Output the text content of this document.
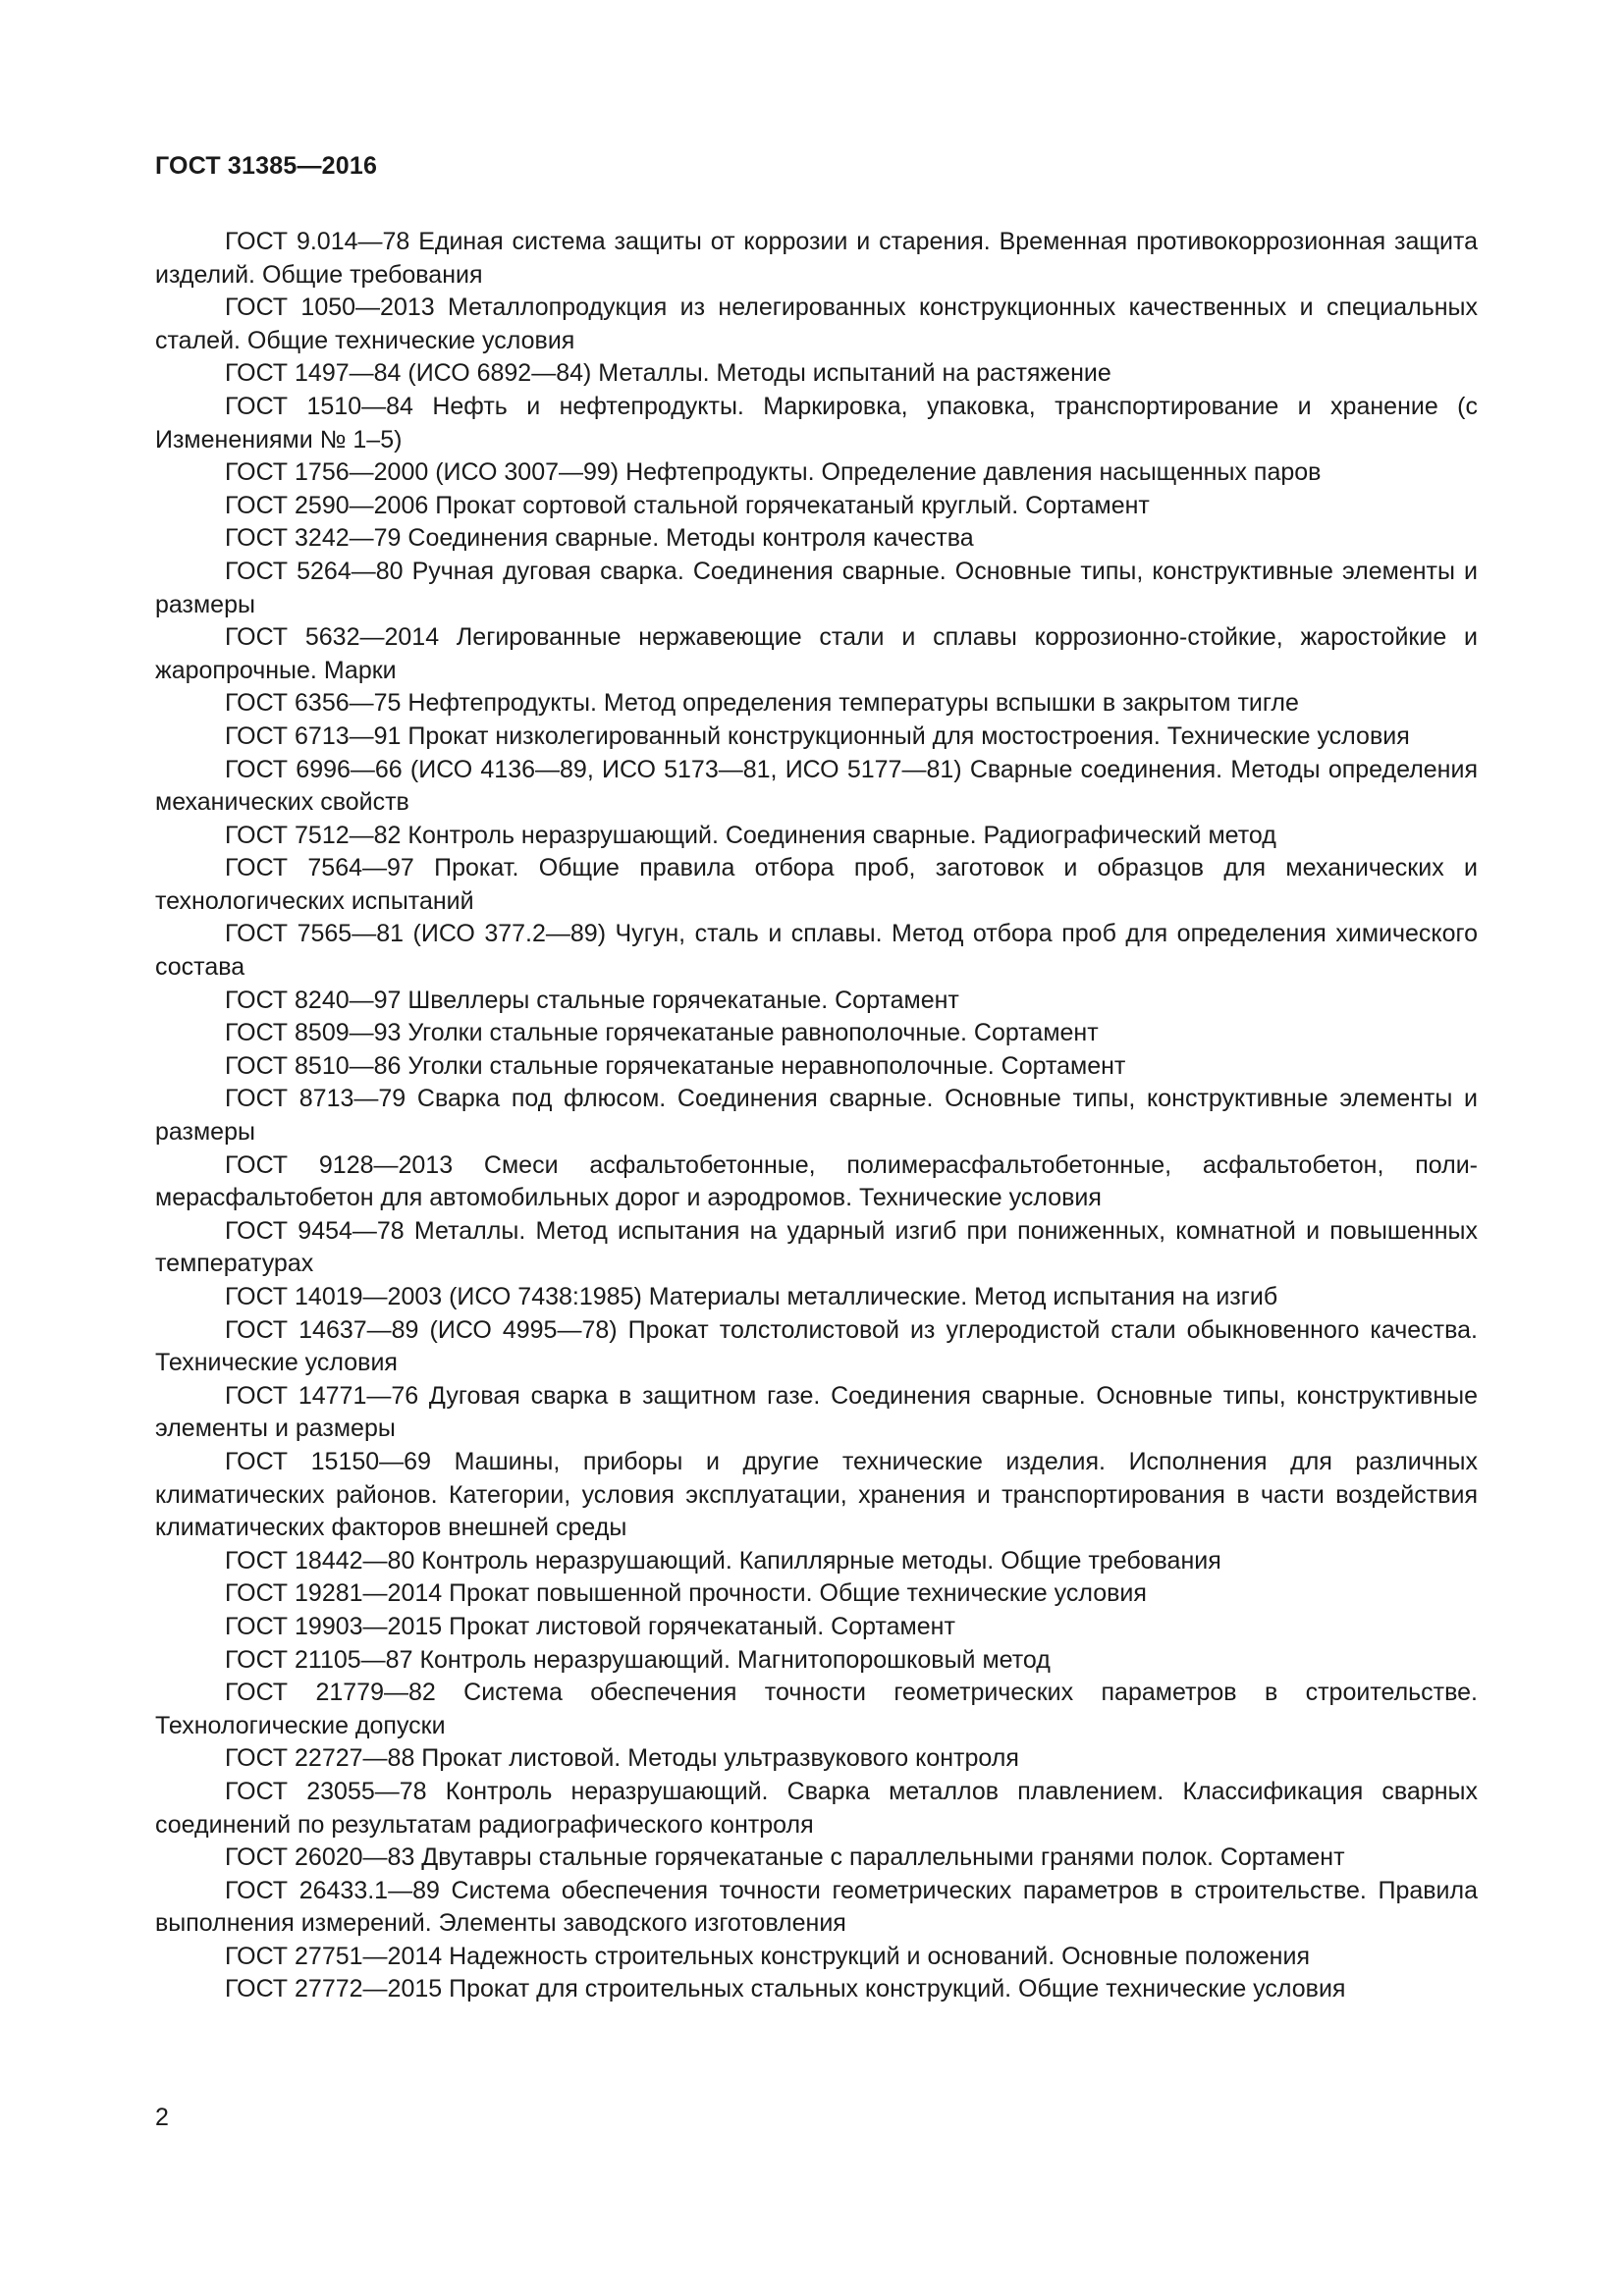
ГОСТ 31385—2016
ГОСТ 9.014—78 Единая система защиты от коррозии и старения. Временная противокоррозионная защита изделий. Общие требования
ГОСТ 1050—2013 Металлопродукция из нелегированных конструкционных качественных и специальных сталей. Общие технические условия
ГОСТ 1497—84 (ИСО 6892—84) Металлы. Методы испытаний на растяжение
ГОСТ 1510—84 Нефть и нефтепродукты. Маркировка, упаковка, транспортирование и хранение (с Изменениями № 1–5)
ГОСТ 1756—2000 (ИСО 3007—99) Нефтепродукты. Определение давления насыщенных паров
ГОСТ 2590—2006 Прокат сортовой стальной горячекатаный круглый. Сортамент
ГОСТ 3242—79 Соединения сварные. Методы контроля качества
ГОСТ 5264—80 Ручная дуговая сварка. Соединения сварные. Основные типы, конструктивные элементы и размеры
ГОСТ 5632—2014 Легированные нержавеющие стали и сплавы коррозионно-стойкие, жаростойкие и жаропрочные. Марки
ГОСТ 6356—75 Нефтепродукты. Метод определения температуры вспышки в закрытом тигле
ГОСТ 6713—91 Прокат низколегированный конструкционный для мостостроения. Технические условия
ГОСТ 6996—66 (ИСО 4136—89, ИСО 5173—81, ИСО 5177—81) Сварные соединения. Методы определения механических свойств
ГОСТ 7512—82 Контроль неразрушающий. Соединения сварные. Радиографический метод
ГОСТ 7564—97 Прокат. Общие правила отбора проб, заготовок и образцов для механических и технологических испытаний
ГОСТ 7565—81 (ИСО 377.2—89) Чугун, сталь и сплавы. Метод отбора проб для определения химического состава
ГОСТ 8240—97 Швеллеры стальные горячекатаные. Сортамент
ГОСТ 8509—93 Уголки стальные горячекатаные равнополочные. Сортамент
ГОСТ 8510—86 Уголки стальные горячекатаные неравнополочные. Сортамент
ГОСТ 8713—79 Сварка под флюсом. Соединения сварные. Основные типы, конструктивные элементы и размеры
ГОСТ 9128—2013 Смеси асфальтобетонные, полимерасфальтобетонные, асфальтобетон, полимерасфальтобетон для автомобильных дорог и аэродромов. Технические условия
ГОСТ 9454—78 Металлы. Метод испытания на ударный изгиб при пониженных, комнатной и повышенных температурах
ГОСТ 14019—2003 (ИСО 7438:1985) Материалы металлические. Метод испытания на изгиб
ГОСТ 14637—89 (ИСО 4995—78) Прокат толстолистовой из углеродистой стали обыкновенного качества. Технические условия
ГОСТ 14771—76 Дуговая сварка в защитном газе. Соединения сварные. Основные типы, конструктивные элементы и размеры
ГОСТ 15150—69 Машины, приборы и другие технические изделия. Исполнения для различных климатических районов. Категории, условия эксплуатации, хранения и транспортирования в части воздействия климатических факторов внешней среды
ГОСТ 18442—80 Контроль неразрушающий. Капиллярные методы. Общие требования
ГОСТ 19281—2014 Прокат повышенной прочности. Общие технические условия
ГОСТ 19903—2015 Прокат листовой горячекатаный. Сортамент
ГОСТ 21105—87 Контроль неразрушающий. Магнитопорошковый метод
ГОСТ 21779—82 Система обеспечения точности геометрических параметров в строительстве. Технологические допуски
ГОСТ 22727—88 Прокат листовой. Методы ультразвукового контроля
ГОСТ 23055—78 Контроль неразрушающий. Сварка металлов плавлением. Классификация сварных соединений по результатам радиографического контроля
ГОСТ 26020—83 Двутавры стальные горячекатаные с параллельными гранями полок. Сортамент
ГОСТ 26433.1—89 Система обеспечения точности геометрических параметров в строительстве. Правила выполнения измерений. Элементы заводского изготовления
ГОСТ 27751—2014 Надежность строительных конструкций и оснований. Основные положения
ГОСТ 27772—2015 Прокат для строительных стальных конструкций. Общие технические условия
2
